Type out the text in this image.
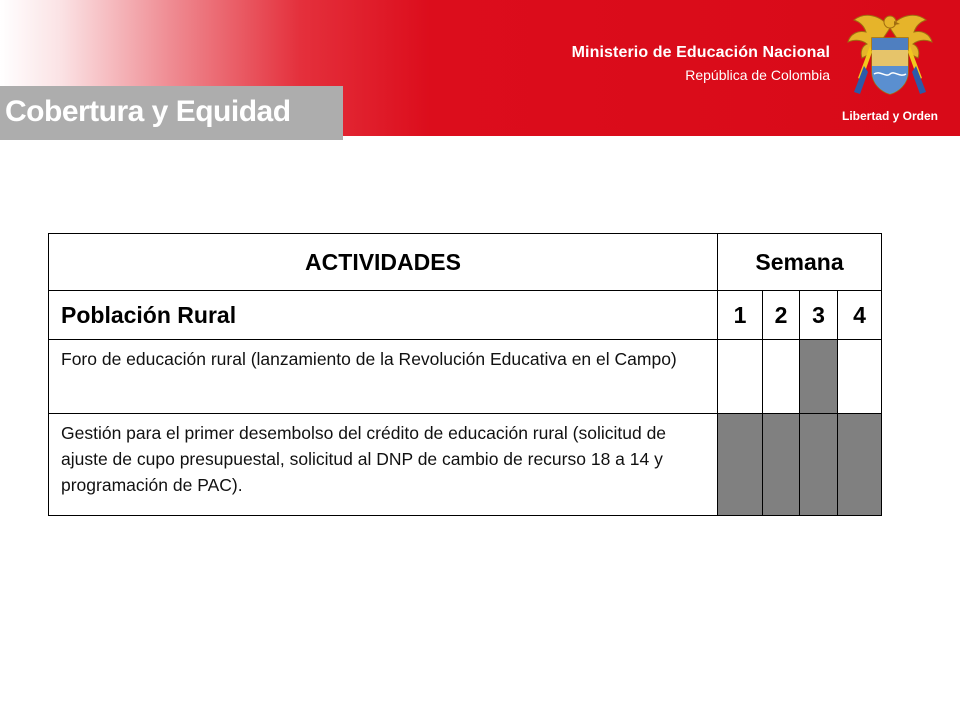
Ministerio de Educación Nacional
República de Colombia
Libertad y Orden
Cobertura y Equidad
ACTIVIDADES	Semana			
Población Rural	1	2	3	4
Foro de educación rural (lanzamiento de la Revolución Educativa en el Campo)				
Gestión para el primer desembolso del crédito de educación rural (solicitud de ajuste de cupo presupuestal, solicitud al DNP de cambio de recurso 18 a 14 y programación de PAC).				
